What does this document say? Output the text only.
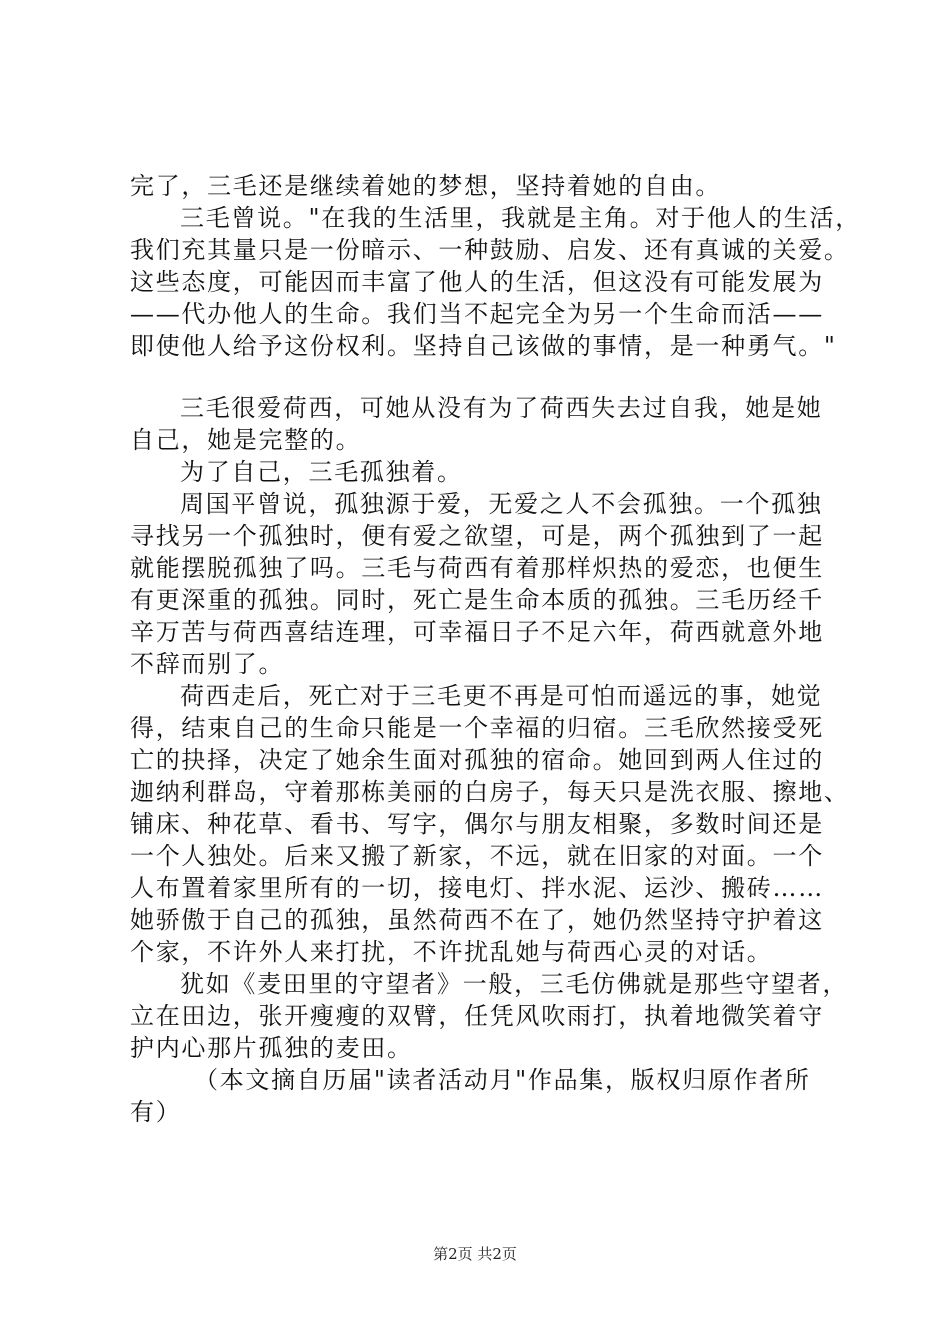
完了，三毛还是继续着她的梦想，坚持着她的自由。
三毛曾说。"在我的生活里，我就是主角。对于他人的生活，
我们充其量只是一份暗示、一种鼓励、启发、还有真诚的关爱。
这些态度，可能因而丰富了他人的生活，但这没有可能发展为
——代办他人的生命。我们当不起完全为另一个生命而活——
即使他人给予这份权利。坚持自己该做的事情，是一种勇气。"
三毛很爱荷西，可她从没有为了荷西失去过自我，她是她
自己，她是完整的。
为了自己，三毛孤独着。
周国平曾说，孤独源于爱，无爱之人不会孤独。一个孤独
寻找另一个孤独时，便有爱之欲望，可是，两个孤独到了一起
就能摆脱孤独了吗。三毛与荷西有着那样炽热的爱恋，也便生
有更深重的孤独。同时，死亡是生命本质的孤独。三毛历经千
辛万苦与荷西喜结连理，可幸福日子不足六年，荷西就意外地
不辞而别了。
荷西走后，死亡对于三毛更不再是可怕而遥远的事，她觉
得，结束自己的生命只能是一个幸福的归宿。三毛欣然接受死
亡的抉择，决定了她余生面对孤独的宿命。她回到两人住过的
迦纳利群岛，守着那栋美丽的白房子，每天只是洗衣服、擦地、
铺床、种花草、看书、写字，偶尔与朋友相聚，多数时间还是
一个人独处。后来又搬了新家，不远，就在旧家的对面。一个
人布置着家里所有的一切，接电灯、拌水泥、运沙、搬砖……
她骄傲于自己的孤独，虽然荷西不在了，她仍然坚持守护着这
个家，不许外人来打扰，不许扰乱她与荷西心灵的对话。
犹如《麦田里的守望者》一般，三毛仿佛就是那些守望者，
立在田边，张开瘦瘦的双臂，任凭风吹雨打，执着地微笑着守
护内心那片孤独的麦田。
（本文摘自历届"读者活动月"作品集，版权归原作者所
有）
第2页 共2页
